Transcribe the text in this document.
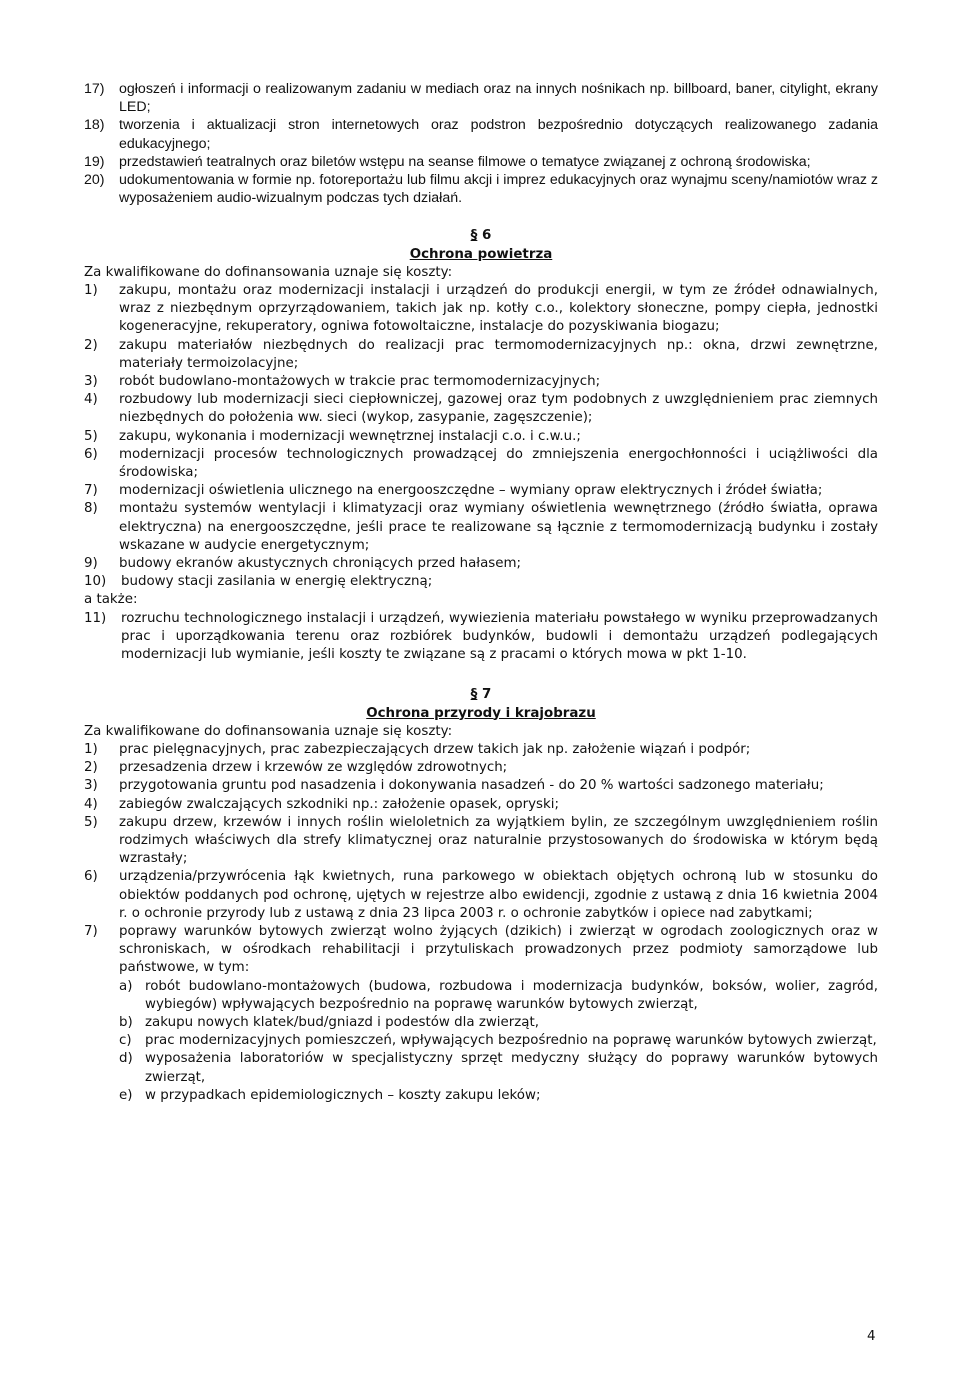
17)	ogłoszeń i informacji o realizowanym zadaniu w mediach oraz na innych nośnikach np. billboard, baner, citylight, ekrany LED;
18)	tworzenia i aktualizacji stron internetowych oraz podstron bezpośrednio dotyczących realizowanego zadania edukacyjnego;
19)	przedstawień teatralnych oraz biletów wstępu na seanse filmowe o tematyce związanej z ochroną środowiska;
20)	udokumentowania w formie np. fotoreportażu lub filmu akcji i imprez edukacyjnych oraz wynajmu sceny/namiotów wraz z wyposażeniem audio-wizualnym podczas tych działań.
§ 6
Ochrona powietrza

Za kwalifikowane do dofinansowania uznaje się koszty:

1)	zakupu, montażu oraz modernizacji instalacji i urządzeń do produkcji energii, w tym ze źródeł odnawialnych, wraz z niezbędnym oprzyrządowaniem, takich jak np. kotły c.o., kolektory słoneczne, pompy ciepła, jednostki kogeneracyjne, rekuperatory, ogniwa fotowoltaiczne, instalacje do pozyskiwania biogazu;
2)	zakupu materiałów niezbędnych do realizacji prac termomodernizacyjnych np.: okna, drzwi zewnętrzne, materiały termoizolacyjne;
3)	robót budowlano-montażowych w trakcie prac termomodernizacyjnych;
4)	rozbudowy lub modernizacji sieci ciepłowniczej, gazowej oraz tym podobnych z uwzględnieniem prac ziemnych niezbędnych do położenia ww. sieci (wykop, zasypanie, zagęszczenie);
5)	zakupu, wykonania i modernizacji wewnętrznej instalacji c.o. i c.w.u.;
6)	modernizacji procesów technologicznych prowadzącej do zmniejszenia energochłonności i uciążliwości dla środowiska;
7)	modernizacji oświetlenia ulicznego na energooszczędne – wymiany opraw elektrycznych i źródeł światła;
8)	montażu systemów wentylacji i klimatyzacji oraz wymiany oświetlenia wewnętrznego (źródło światła, oprawa elektryczna) na energooszczędne, jeśli prace te realizowane są łącznie z termomodernizacją budynku i zostały wskazane w audycie energetycznym;
9)	budowy ekranów akustycznych chroniących przed hałasem;
10)	budowy stacji zasilania w energię elektryczną;

a także:

11)	rozruchu technologicznego instalacji i urządzeń, wywiezienia materiału powstałego w wyniku przeprowadzanych prac i uporządkowania terenu oraz rozbiórek budynków, budowli i demontażu urządzeń podlegających modernizacji lub wymianie, jeśli koszty te związane są z pracami o których mowa w pkt 1-10.
§ 7
Ochrona przyrody i krajobrazu

Za kwalifikowane do dofinansowania uznaje się koszty:

1)	prac pielęgnacyjnych, prac zabezpieczających drzew takich jak np. założenie wiązań i podpór;
2)	przesadzenia drzew i krzewów ze względów zdrowotnych;
3)	przygotowania gruntu pod nasadzenia i dokonywania nasadzeń - do 20 % wartości sadzonego materiału;
4)	zabiegów zwalczających szkodniki np.: założenie opasek, opryski;
5)	zakupu drzew, krzewów i innych roślin wieloletnich za wyjątkiem bylin, ze szczególnym uwzględnieniem roślin rodzimych właściwych dla strefy klimatycznej oraz naturalnie przystosowanych do środowiska w którym będą wzrastały;
6)	urządzenia/przywrócenia łąk kwietnych, runa parkowego w obiektach objętych ochroną lub w stosunku do obiektów poddanych pod ochronę, ujętych w rejestrze albo ewidencji, zgodnie z ustawą z dnia 16 kwietnia 2004 r. o ochronie przyrody lub z ustawą z dnia 23 lipca 2003 r. o ochronie zabytków i opiece nad zabytkami;
7)	poprawy warunków bytowych zwierząt wolno żyjących (dzikich) i zwierząt w ogrodach zoologicznych oraz w schroniskach, w ośrodkach rehabilitacji i przytuliskach prowadzonych przez podmioty samorządowe lub państwowe, w tym:
a) robót budowlano-montażowych (budowa, rozbudowa i modernizacja budynków, boksów, wolier, zagród, wybiegów) wpływających bezpośrednio na poprawę warunków bytowych zwierząt,
b) zakupu nowych klatek/bud/gniazd i podestów dla zwierząt,
c)	prac modernizacyjnych pomieszczeń, wpływających bezpośrednio na poprawę warunków bytowych zwierząt,
d) wyposażenia laboratoriów w specjalistyczny sprzęt medyczny służący do poprawy warunków bytowych zwierząt,
e) w przypadkach epidemiologicznych – koszty zakupu leków;
4
